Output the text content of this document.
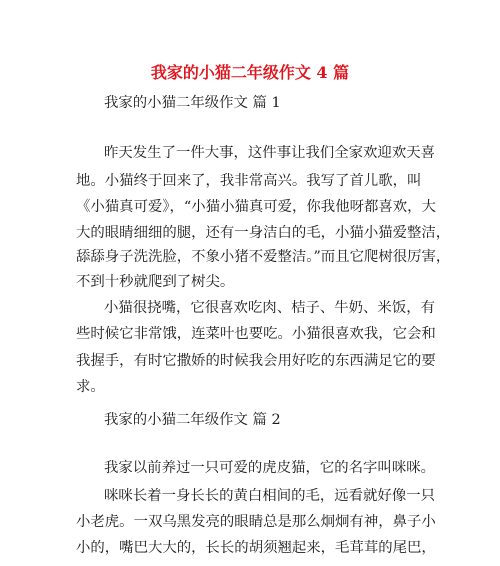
我家的小猫二年级作文 4 篇
我家的小猫二年级作文 篇 1
昨天发生了一件大事，这件事让我们全家欢迎欢天喜
地。小猫终于回来了，我非常高兴。我写了首儿歌，叫
《小猫真可爱》，“小猫小猫真可爱，你我他呀都喜欢，大
大的眼睛细细的腿，还有一身洁白的毛，小猫小猫爱整洁，
舔舔身子洗洗脸，不象小猪不爱整洁。”而且它爬树很厉害，
不到十秒就爬到了树尖。
小猫很挠嘴，它很喜欢吃肉、桔子、牛奶、米饭，有
些时候它非常饿，连菜叶也要吃。小猫很喜欢我，它会和
我握手，有时它撒娇的时候我会用好吃的东西满足它的要
求。
我家的小猫二年级作文 篇 2
我家以前养过一只可爱的虎皮猫，它的名字叫咪咪。
咪咪长着一身长长的黄白相间的毛，远看就好像一只
小老虎。一双乌黑发亮的眼睛总是那么炯炯有神，鼻子小
小的，嘴巴大大的，长长的胡须翘起来，毛茸茸的尾巴，
